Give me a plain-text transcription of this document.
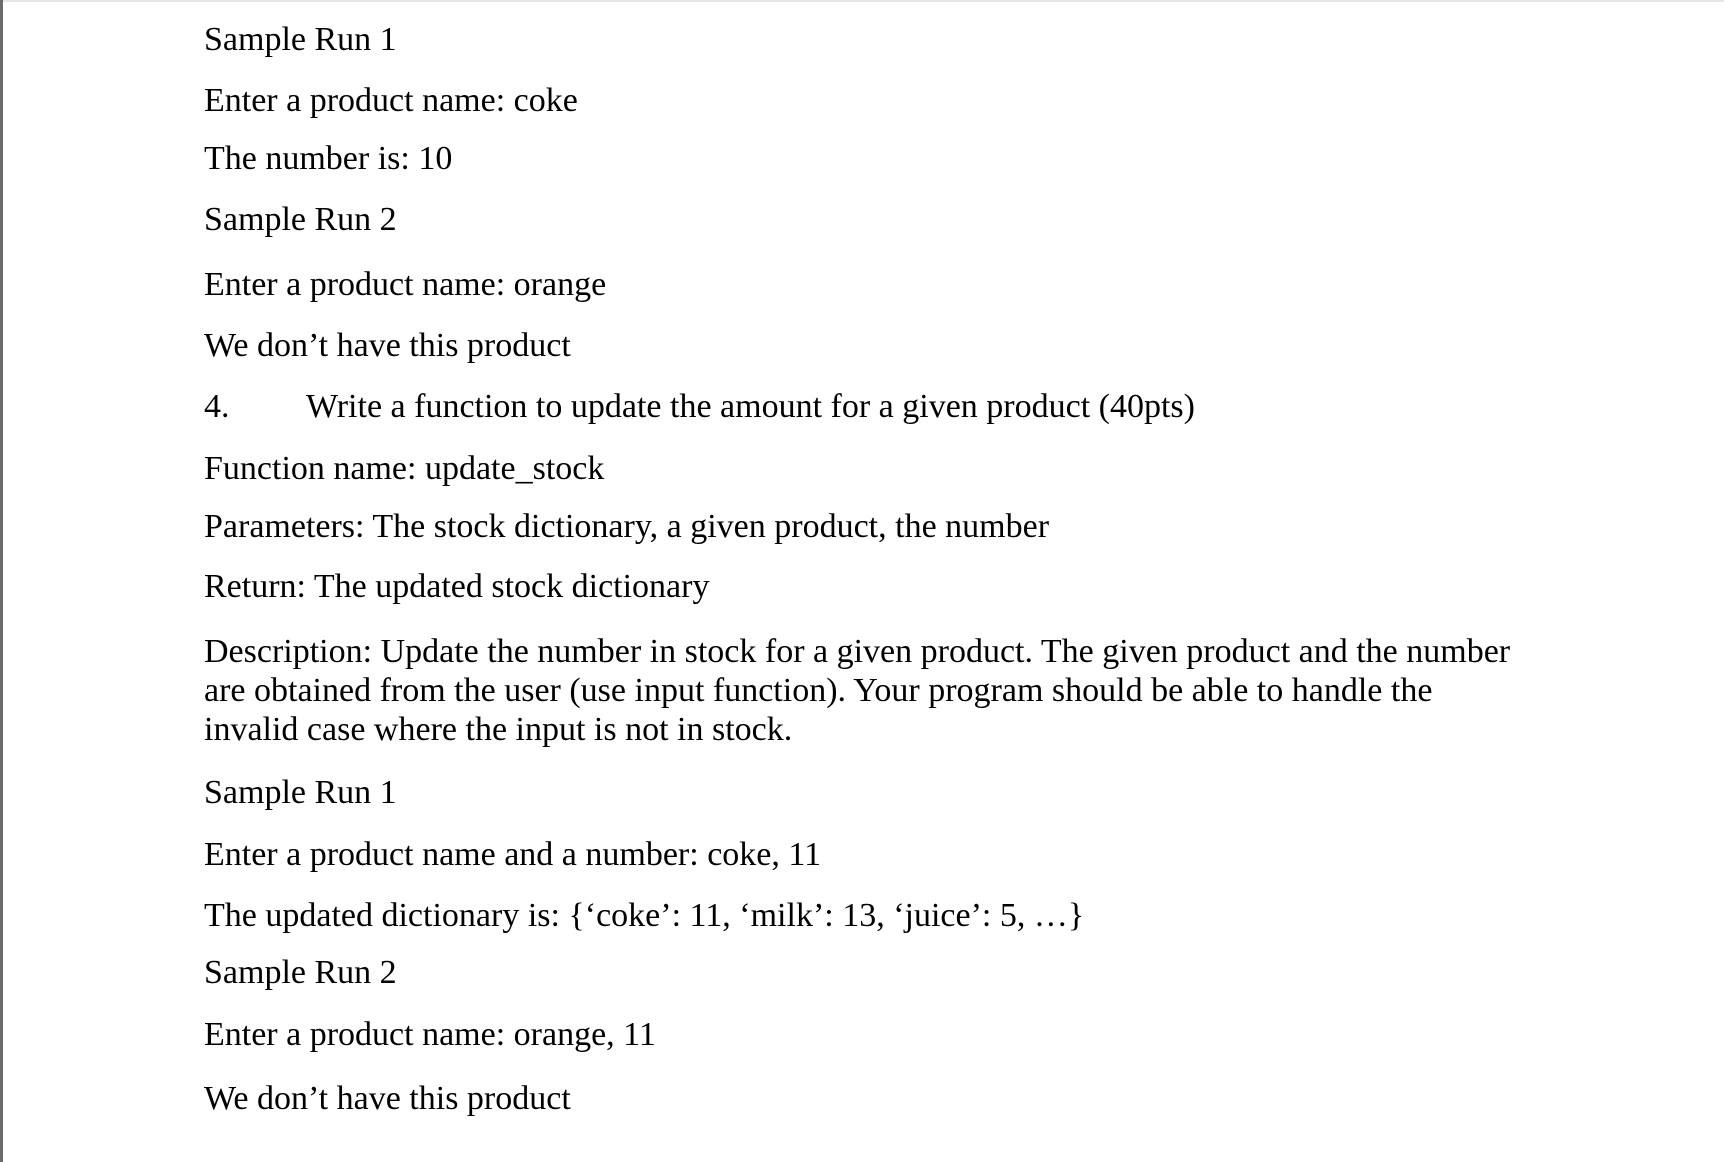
Sample Run 1
Enter a product name: coke
The number is: 10
Sample Run 2
Enter a product name: orange
We don’t have this product
4. Write a function to update the amount for a given product (40pts)
Function name: update_stock
Parameters: The stock dictionary, a given product, the number
Return: The updated stock dictionary
Description: Update the number in stock for a given product. The given product and the number are obtained from the user (use input function). Your program should be able to handle the invalid case where the input is not in stock.
Sample Run 1
Enter a product name and a number: coke, 11
The updated dictionary is: {‘coke’: 11, ‘milk’: 13, ‘juice’: 5, …}
Sample Run 2
Enter a product name: orange, 11
We don’t have this product
